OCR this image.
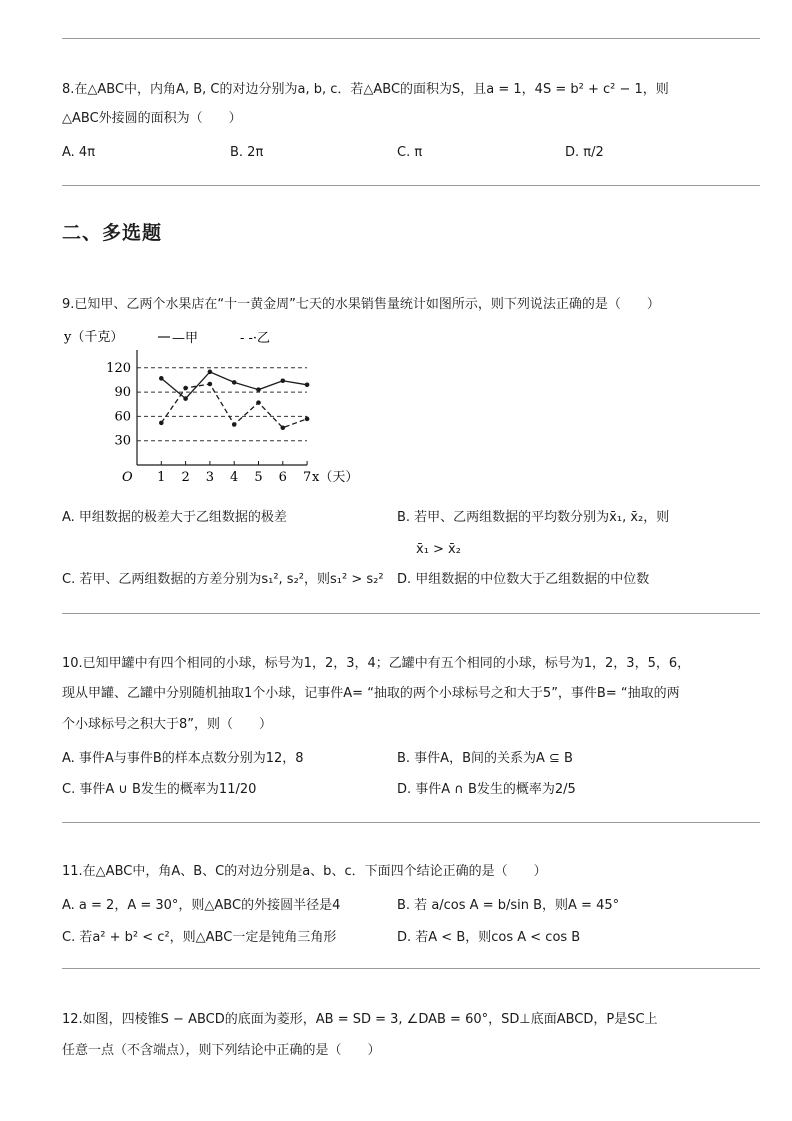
8.在△ABC中，内角A, B, C的对边分别为a, b, c．若△ABC的面积为S，且a = 1，4S = b² + c² − 1，则
△ABC外接圆的面积为（　　）
A. 4π	B. 2π	C. π	D. π/2
二、多选题
9.已知甲、乙两个水果店在“十一黄金周”七天的水果销售量统计如图所示，则下列说法正确的是（　　）
y（千克）	—甲	- -·乙
O	x（天）
30
60
90
120
1 2 3 4 5 6 7
A. 甲组数据的极差大于乙组数据的极差	B. 若甲、乙两组数据的平均数分别为x̄₁, x̄₂，则
x̄₁ > x̄₂
C. 若甲、乙两组数据的方差分别为s₁², s₂²，则s₁² > s₂² D. 甲组数据的中位数大于乙组数据的中位数
10.已知甲罐中有四个相同的小球，标号为1，2，3，4；乙罐中有五个相同的小球，标号为1，2，3，5，6，
现从甲罐、乙罐中分别随机抽取1个小球，记事件A= “抽取的两个小球标号之和大于5”，事件B= “抽取的两
个小球标号之积大于8”，则（　　）
A. 事件A与事件B的样本点数分别为12，8	B. 事件A，B间的关系为A ⊆ B
C. 事件A ∪ B发生的概率为11/20	D. 事件A ∩ B发生的概率为2/5
11.在△ABC中，角A、B、C的对边分别是a、b、c．下面四个结论正确的是（　　）
A. a = 2，A = 30°，则△ABC的外接圆半径是4	B. 若 a/cos A = b/sin B，则A = 45°
C. 若a² + b² < c²，则△ABC一定是钝角三角形	D. 若A < B，则cos A < cos B
12.如图，四棱锥S − ABCD的底面为菱形，AB = SD = 3, ∠DAB = 60°，SD⊥底面ABCD，P是SC上
任意一点（不含端点），则下列结论中正确的是（　　）
